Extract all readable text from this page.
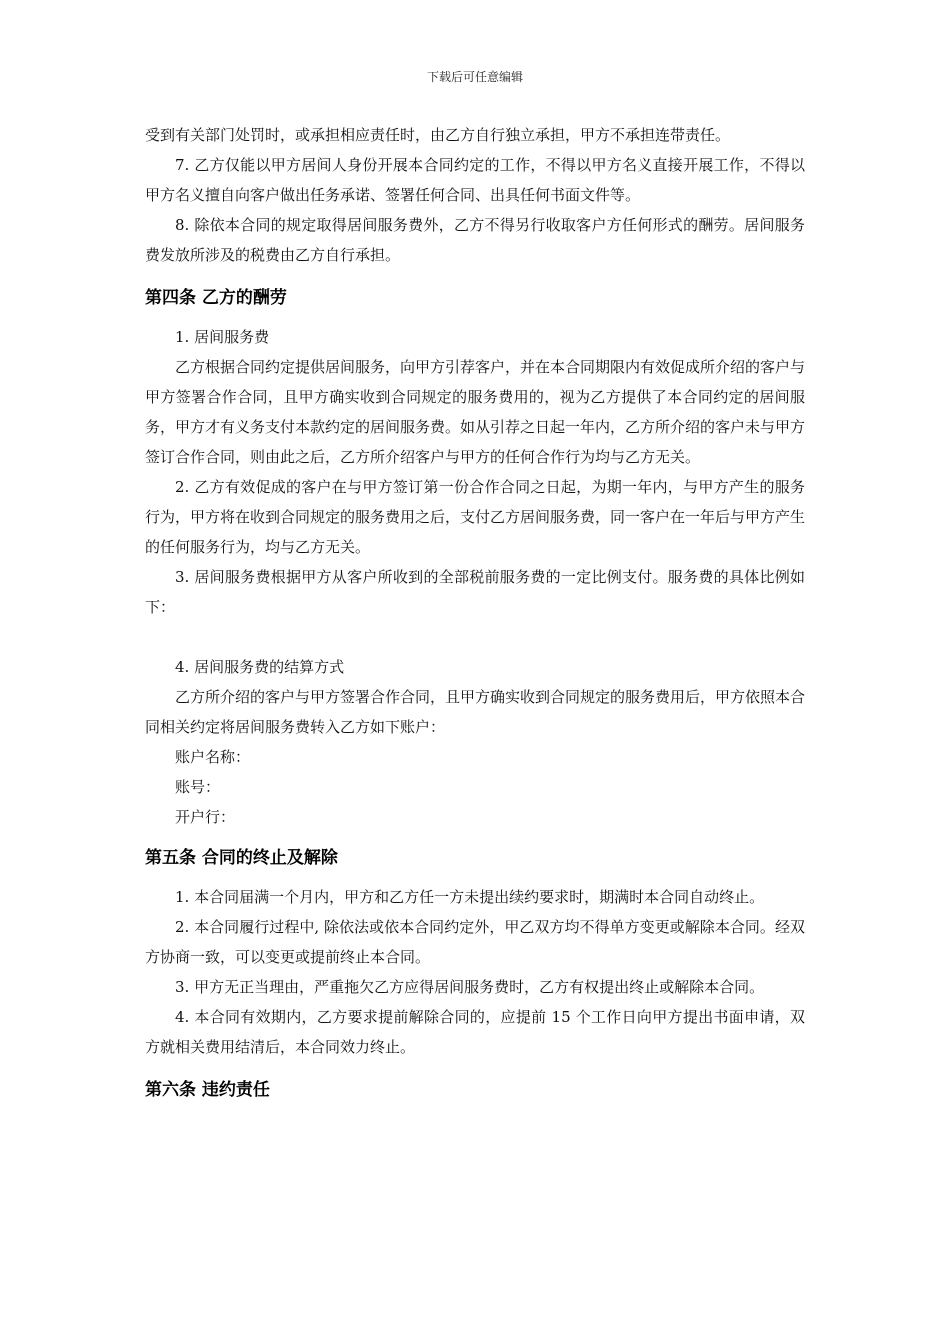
下载后可任意编辑

受到有关部门处罚时，或承担相应责任时，由乙方自行独立承担，甲方不承担连带责任。

7. 乙方仅能以甲方居间人身份开展本合同约定的工作，不得以甲方名义直接开展工作，不得以甲方名义擅自向客户做出任务承诺、签署任何合同、出具任何书面文件等。

8. 除依本合同的规定取得居间服务费外，乙方不得另行收取客户方任何形式的酬劳。居间服务费发放所涉及的税费由乙方自行承担。

第四条 乙方的酬劳

1. 居间服务费

乙方根据合同约定提供居间服务，向甲方引荐客户，并在本合同期限内有效促成所介绍的客户与甲方签署合作合同，且甲方确实收到合同规定的服务费用的，视为乙方提供了本合同约定的居间服务，甲方才有义务支付本款约定的居间服务费。如从引荐之日起一年内，乙方所介绍的客户未与甲方签订合作合同，则由此之后，乙方所介绍客户与甲方的任何合作行为均与乙方无关。

2. 乙方有效促成的客户在与甲方签订第一份合作合同之日起，为期一年内，与甲方产生的服务行为，甲方将在收到合同规定的服务费用之后，支付乙方居间服务费，同一客户在一年后与甲方产生的任何服务行为，均与乙方无关。

3. 居间服务费根据甲方从客户所收到的全部税前服务费的一定比例支付。服务费的具体比例如下：

4. 居间服务费的结算方式

乙方所介绍的客户与甲方签署合作合同，且甲方确实收到合同规定的服务费用后，甲方依照本合同相关约定将居间服务费转入乙方如下账户：

账户名称：

账号：

开户行：

第五条 合同的终止及解除

1. 本合同届满一个月内，甲方和乙方任一方未提出续约要求时，期满时本合同自动终止。

2. 本合同履行过程中, 除依法或依本合同约定外，甲乙双方均不得单方变更或解除本合同。经双方协商一致，可以变更或提前终止本合同。

3. 甲方无正当理由，严重拖欠乙方应得居间服务费时，乙方有权提出终止或解除本合同。

4. 本合同有效期内，乙方要求提前解除合同的，应提前 15 个工作日向甲方提出书面申请，双方就相关费用结清后，本合同效力终止。

第六条 违约责任
